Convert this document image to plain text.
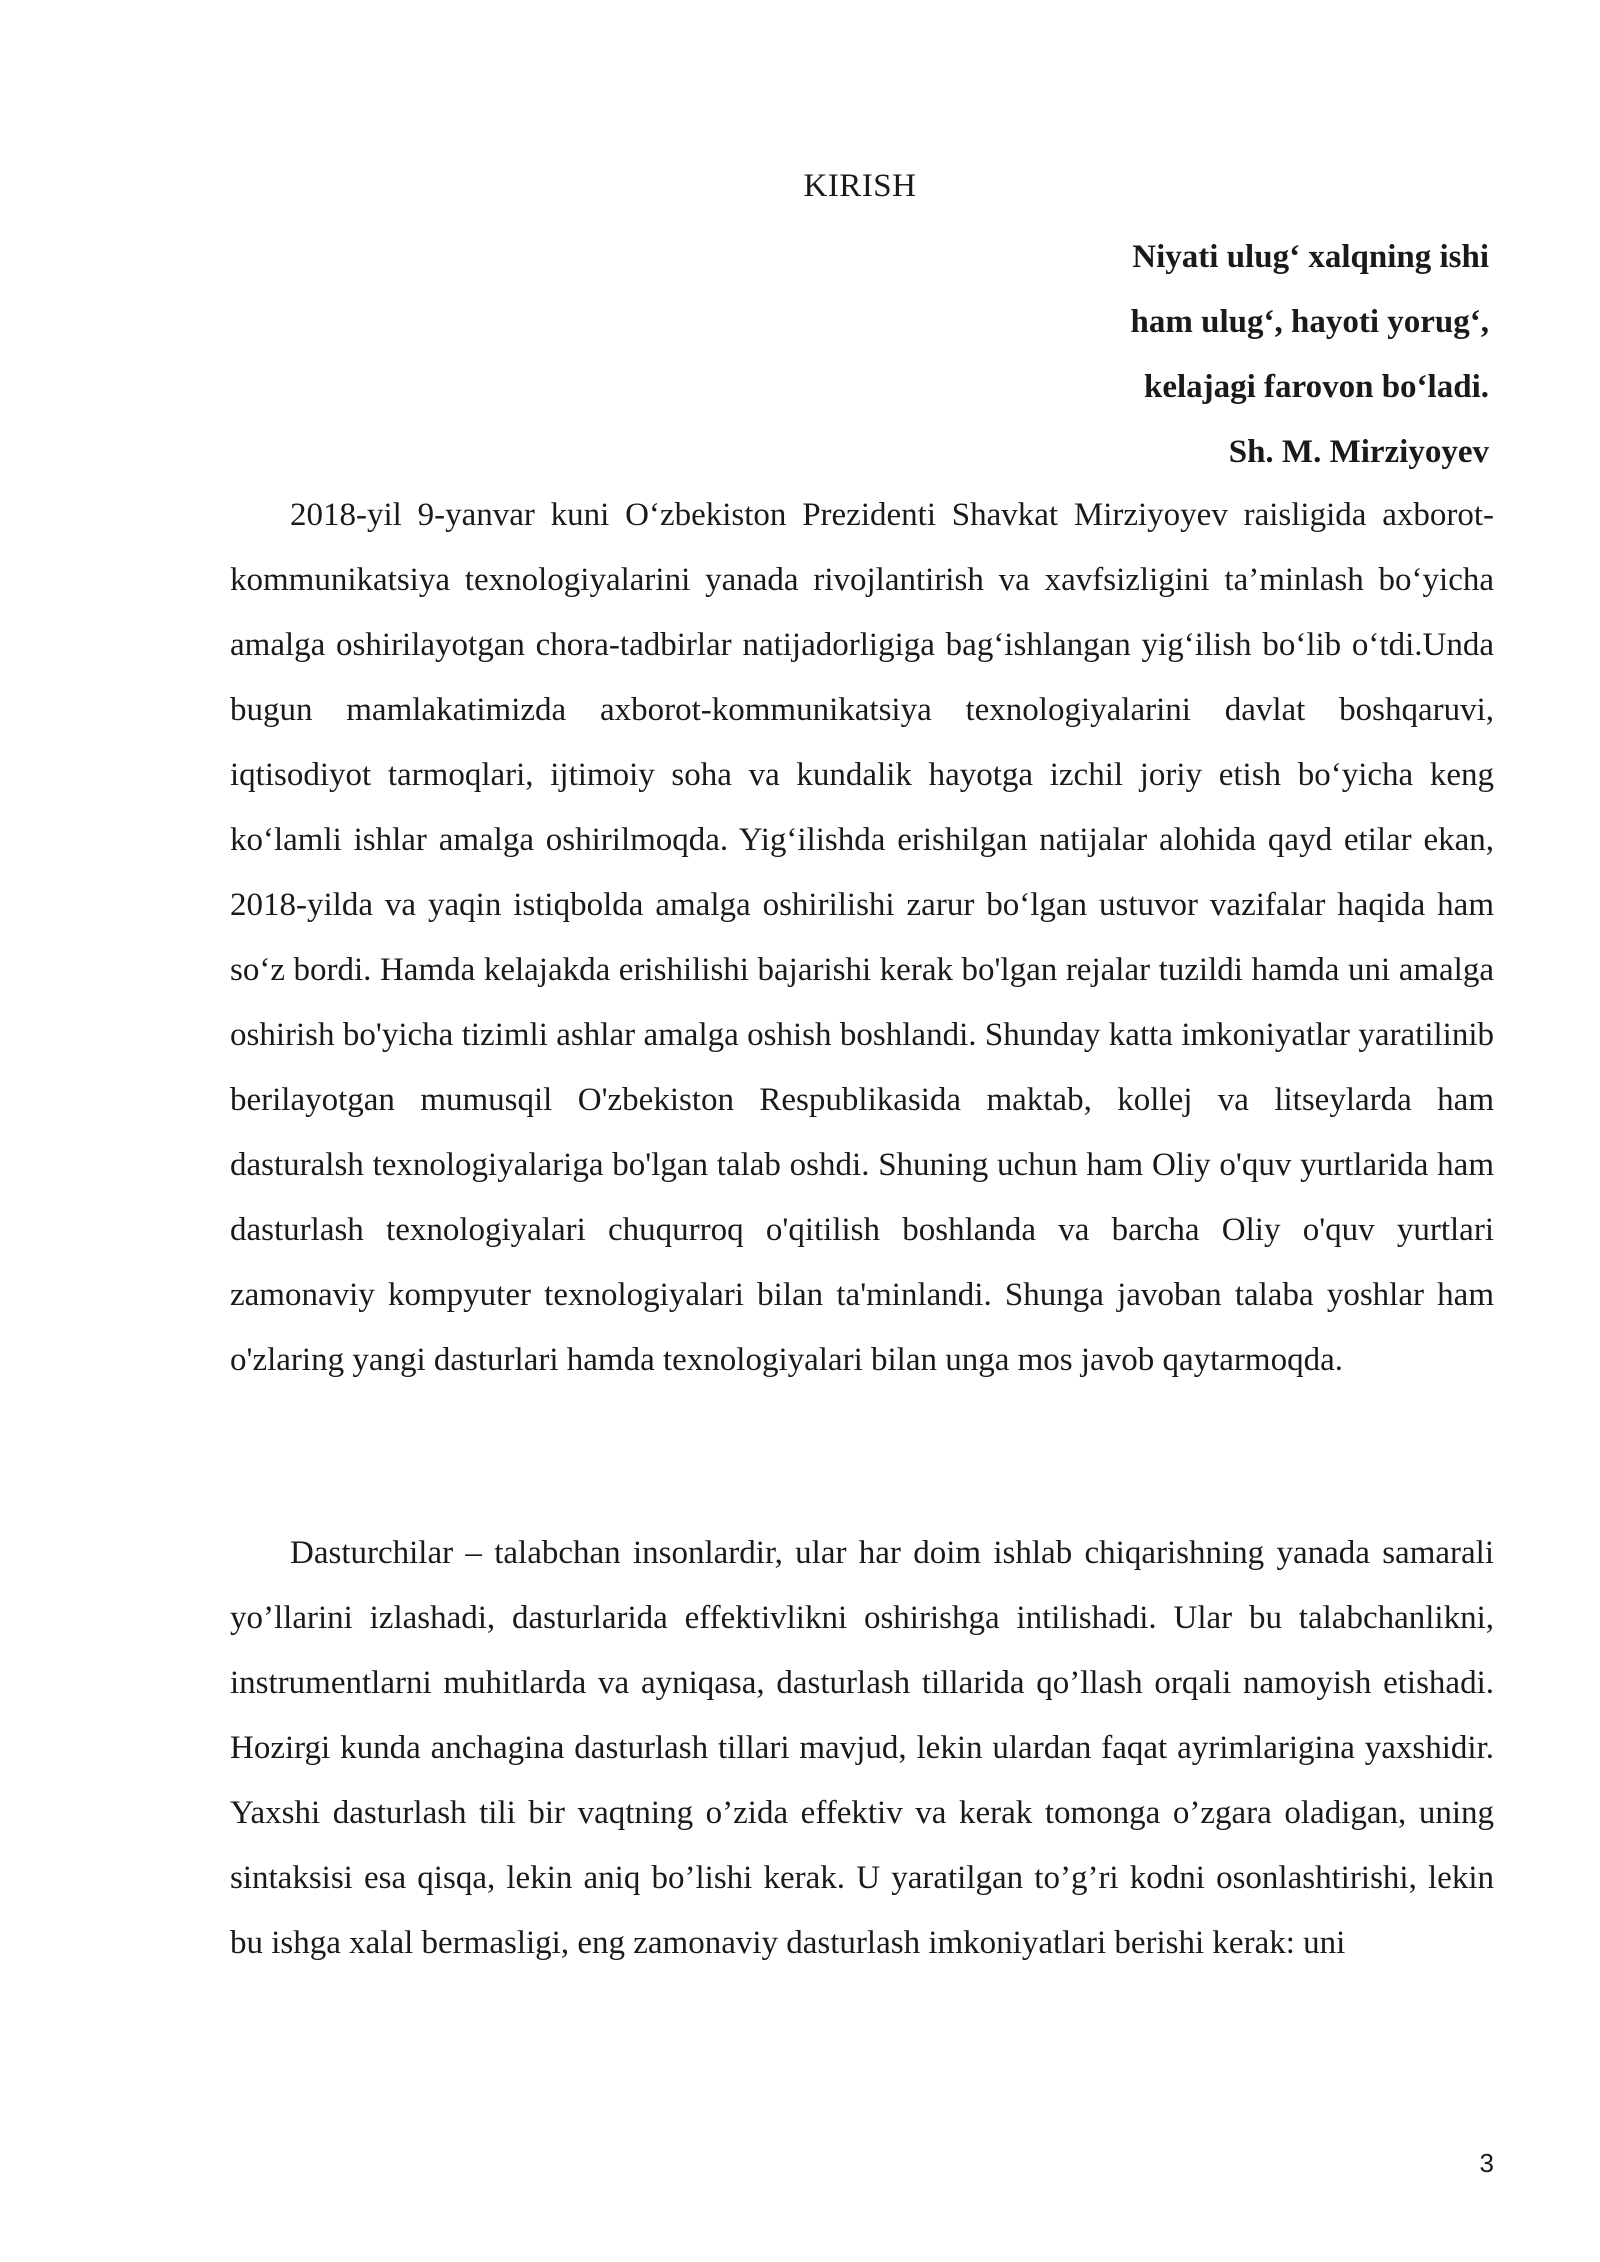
KIRISH
Niyati ulug‘ xalqning ishi
ham ulug‘, hayoti yorug‘,
kelajagi farovon bo‘ladi.
Sh. M. Mirziyoyev

2018-yil 9-yanvar kuni O‘zbekiston Prezidenti Shavkat Mirziyoyev raisligida axborot-kommunikatsiya texnologiyalarini yanada rivojlantirish va xavfsizligini ta’minlash bo‘yicha amalga oshirilayotgan chora-tadbirlar natijadorligiga bag‘ishlangan yig‘ilish bo‘lib o‘tdi.Unda bugun mamlakatimizda axborot-kommunikatsiya texnologiyalarini davlat boshqaruvi, iqtisodiyot tarmoqlari, ijtimoiy soha va kundalik hayotga izchil joriy etish bo‘yicha keng ko‘lamli ishlar amalga oshirilmoqda. Yig‘ilishda erishilgan natijalar alohida qayd etilar ekan, 2018-yilda va yaqin istiqbolda amalga oshirilishi zarur bo‘lgan ustuvor vazifalar haqida ham so‘z bordi. Hamda kelajakda erishilishi bajarishi kerak bo'lgan rejalar tuzildi hamda uni amalga oshirish bo'yicha tizimli ashlar amalga oshish boshlandi. Shunday katta imkoniyatlar yaratilinib berilayotgan mumusqil O'zbekiston Respublikasida maktab, kollej va litseylarda ham dasturalsh texnologiyalariga bo'lgan talab oshdi. Shuning uchun ham Oliy o'quv yurtlarida ham dasturlash texnologiyalari chuqurroq o'qitilish boshlanda va barcha Oliy o'quv yurtlari zamonaviy kompyuter texnologiyalari bilan ta'minlandi. Shunga javoban talaba yoshlar ham o'zlaring yangi dasturlari hamda texnologiyalari bilan unga mos javob qaytarmoqda.

Dasturchilar – talabchan insonlardir, ular har doim ishlab chiqarishning yanada samarali yo’llarini izlashadi, dasturlarida effektivlikni oshirishga intilishadi. Ular bu talabchanlikni, instrumentlarni muhitlarda va ayniqasa, dasturlash tillarida qo’llash orqali namoyish etishadi. Hozirgi kunda anchagina dasturlash tillari mavjud, lekin ulardan faqat ayrimlarigina yaxshidir. Yaxshi dasturlash tili bir vaqtning o’zida effektiv va kerak tomonga o’zgara oladigan, uning sintaksisi esa qisqa, lekin aniq bo’lishi kerak. U yaratilgan to’g’ri kodni osonlashtirishi, lekin bu ishga xalal bermasligi, eng zamonaviy dasturlash imkoniyatlari berishi kerak: uni

3
